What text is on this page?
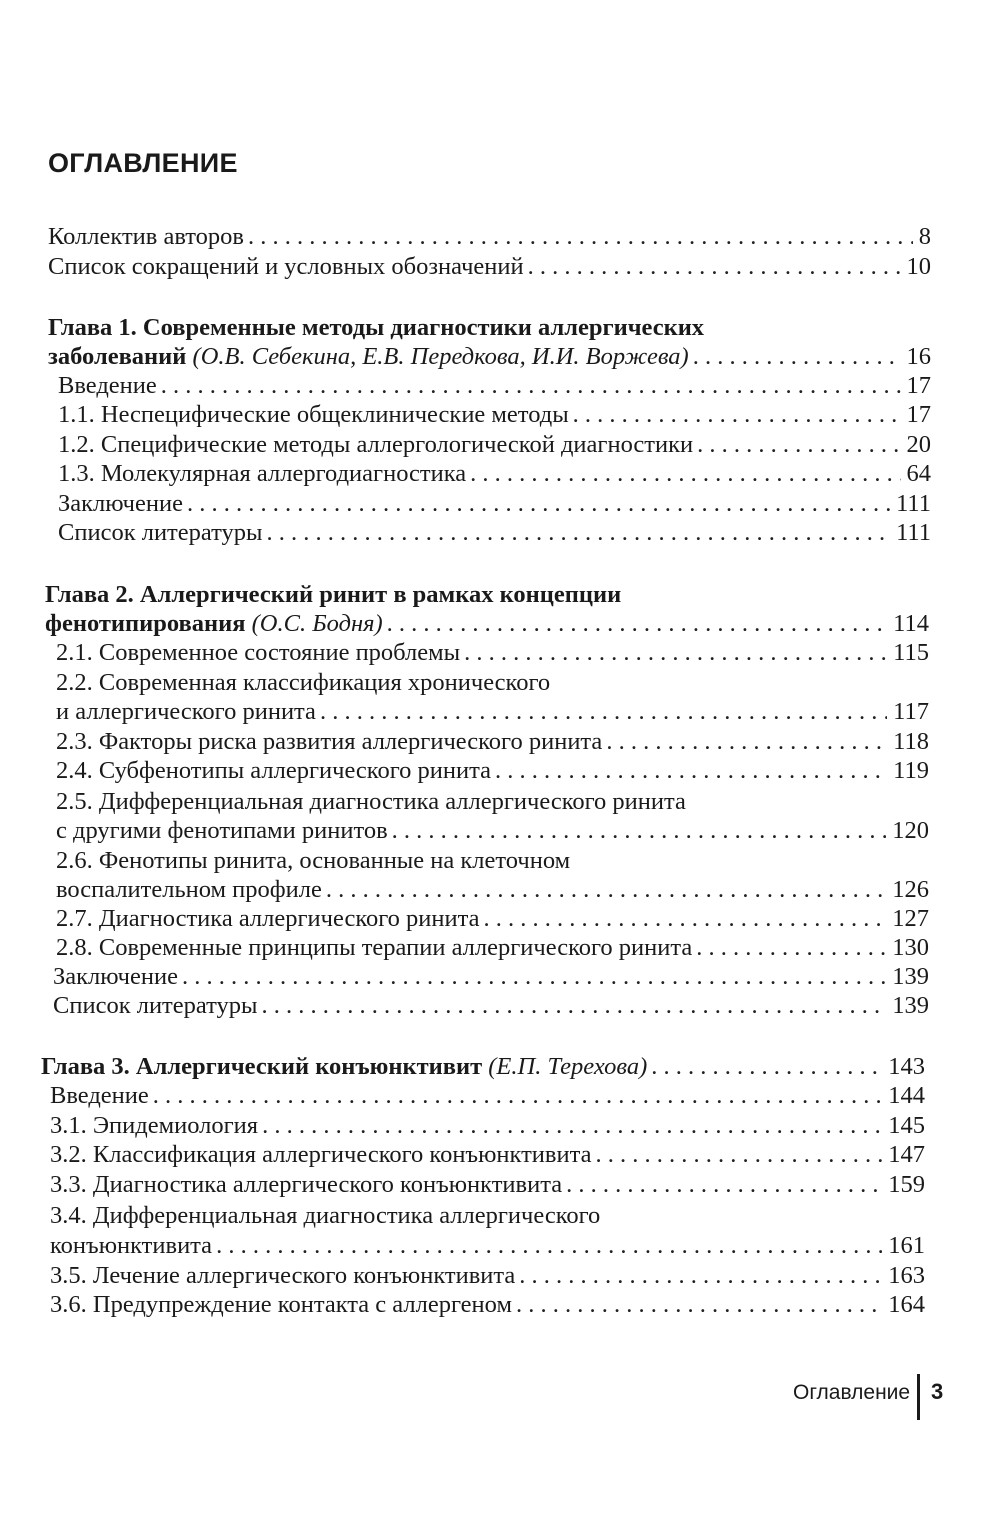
ОГЛАВЛЕНИЕ
Коллектив авторов . . .	8
Список сокращений и условных обозначений . . .	10
Глава 1. Современные методы диагностики аллергических
заболеваний (О.В. Себекина, Е.В. Передкова, И.И. Воржева) . . .	16
Введение . . .	17
1.1. Неспецифические общеклинические методы . . .	17
1.2. Специфические методы аллергологической диагностики . . .	20
1.3. Молекулярная аллергодиагностика . . .	64
Заключение . . .	111
Список литературы . . .	111
Глава 2. Аллергический ринит в рамках концепции
фенотипирования (О.С. Бодня) . . .	114
2.1. Современное состояние проблемы . . .	115
2.2. Современная классификация хронического
и аллергического ринита . . .	117
2.3. Факторы риска развития аллергического ринита . . .	118
2.4. Субфенотипы аллергического ринита . . .	119
2.5. Дифференциальная диагностика аллергического ринита
с другими фенотипами ринитов . . .	120
2.6. Фенотипы ринита, основанные на клеточном
воспалительном профиле . . .	126
2.7. Диагностика аллергического ринита . . .	127
2.8. Современные принципы терапии аллергического ринита . . .	130
Заключение . . .	139
Список литературы . . .	139
Глава 3. Аллергический конъюнктивит (Е.П. Терехова) . . .	143
Введение . . .	144
3.1. Эпидемиология . . .	145
3.2. Классификация аллергического конъюнктивита . . .	147
3.3. Диагностика аллергического конъюнктивита . . .	159
3.4. Дифференциальная диагностика аллергического
конъюнктивита . . .	161
3.5. Лечение аллергического конъюнктивита . . .	163
3.6. Предупреждение контакта с аллергеном . . .	164
Оглавление 3
